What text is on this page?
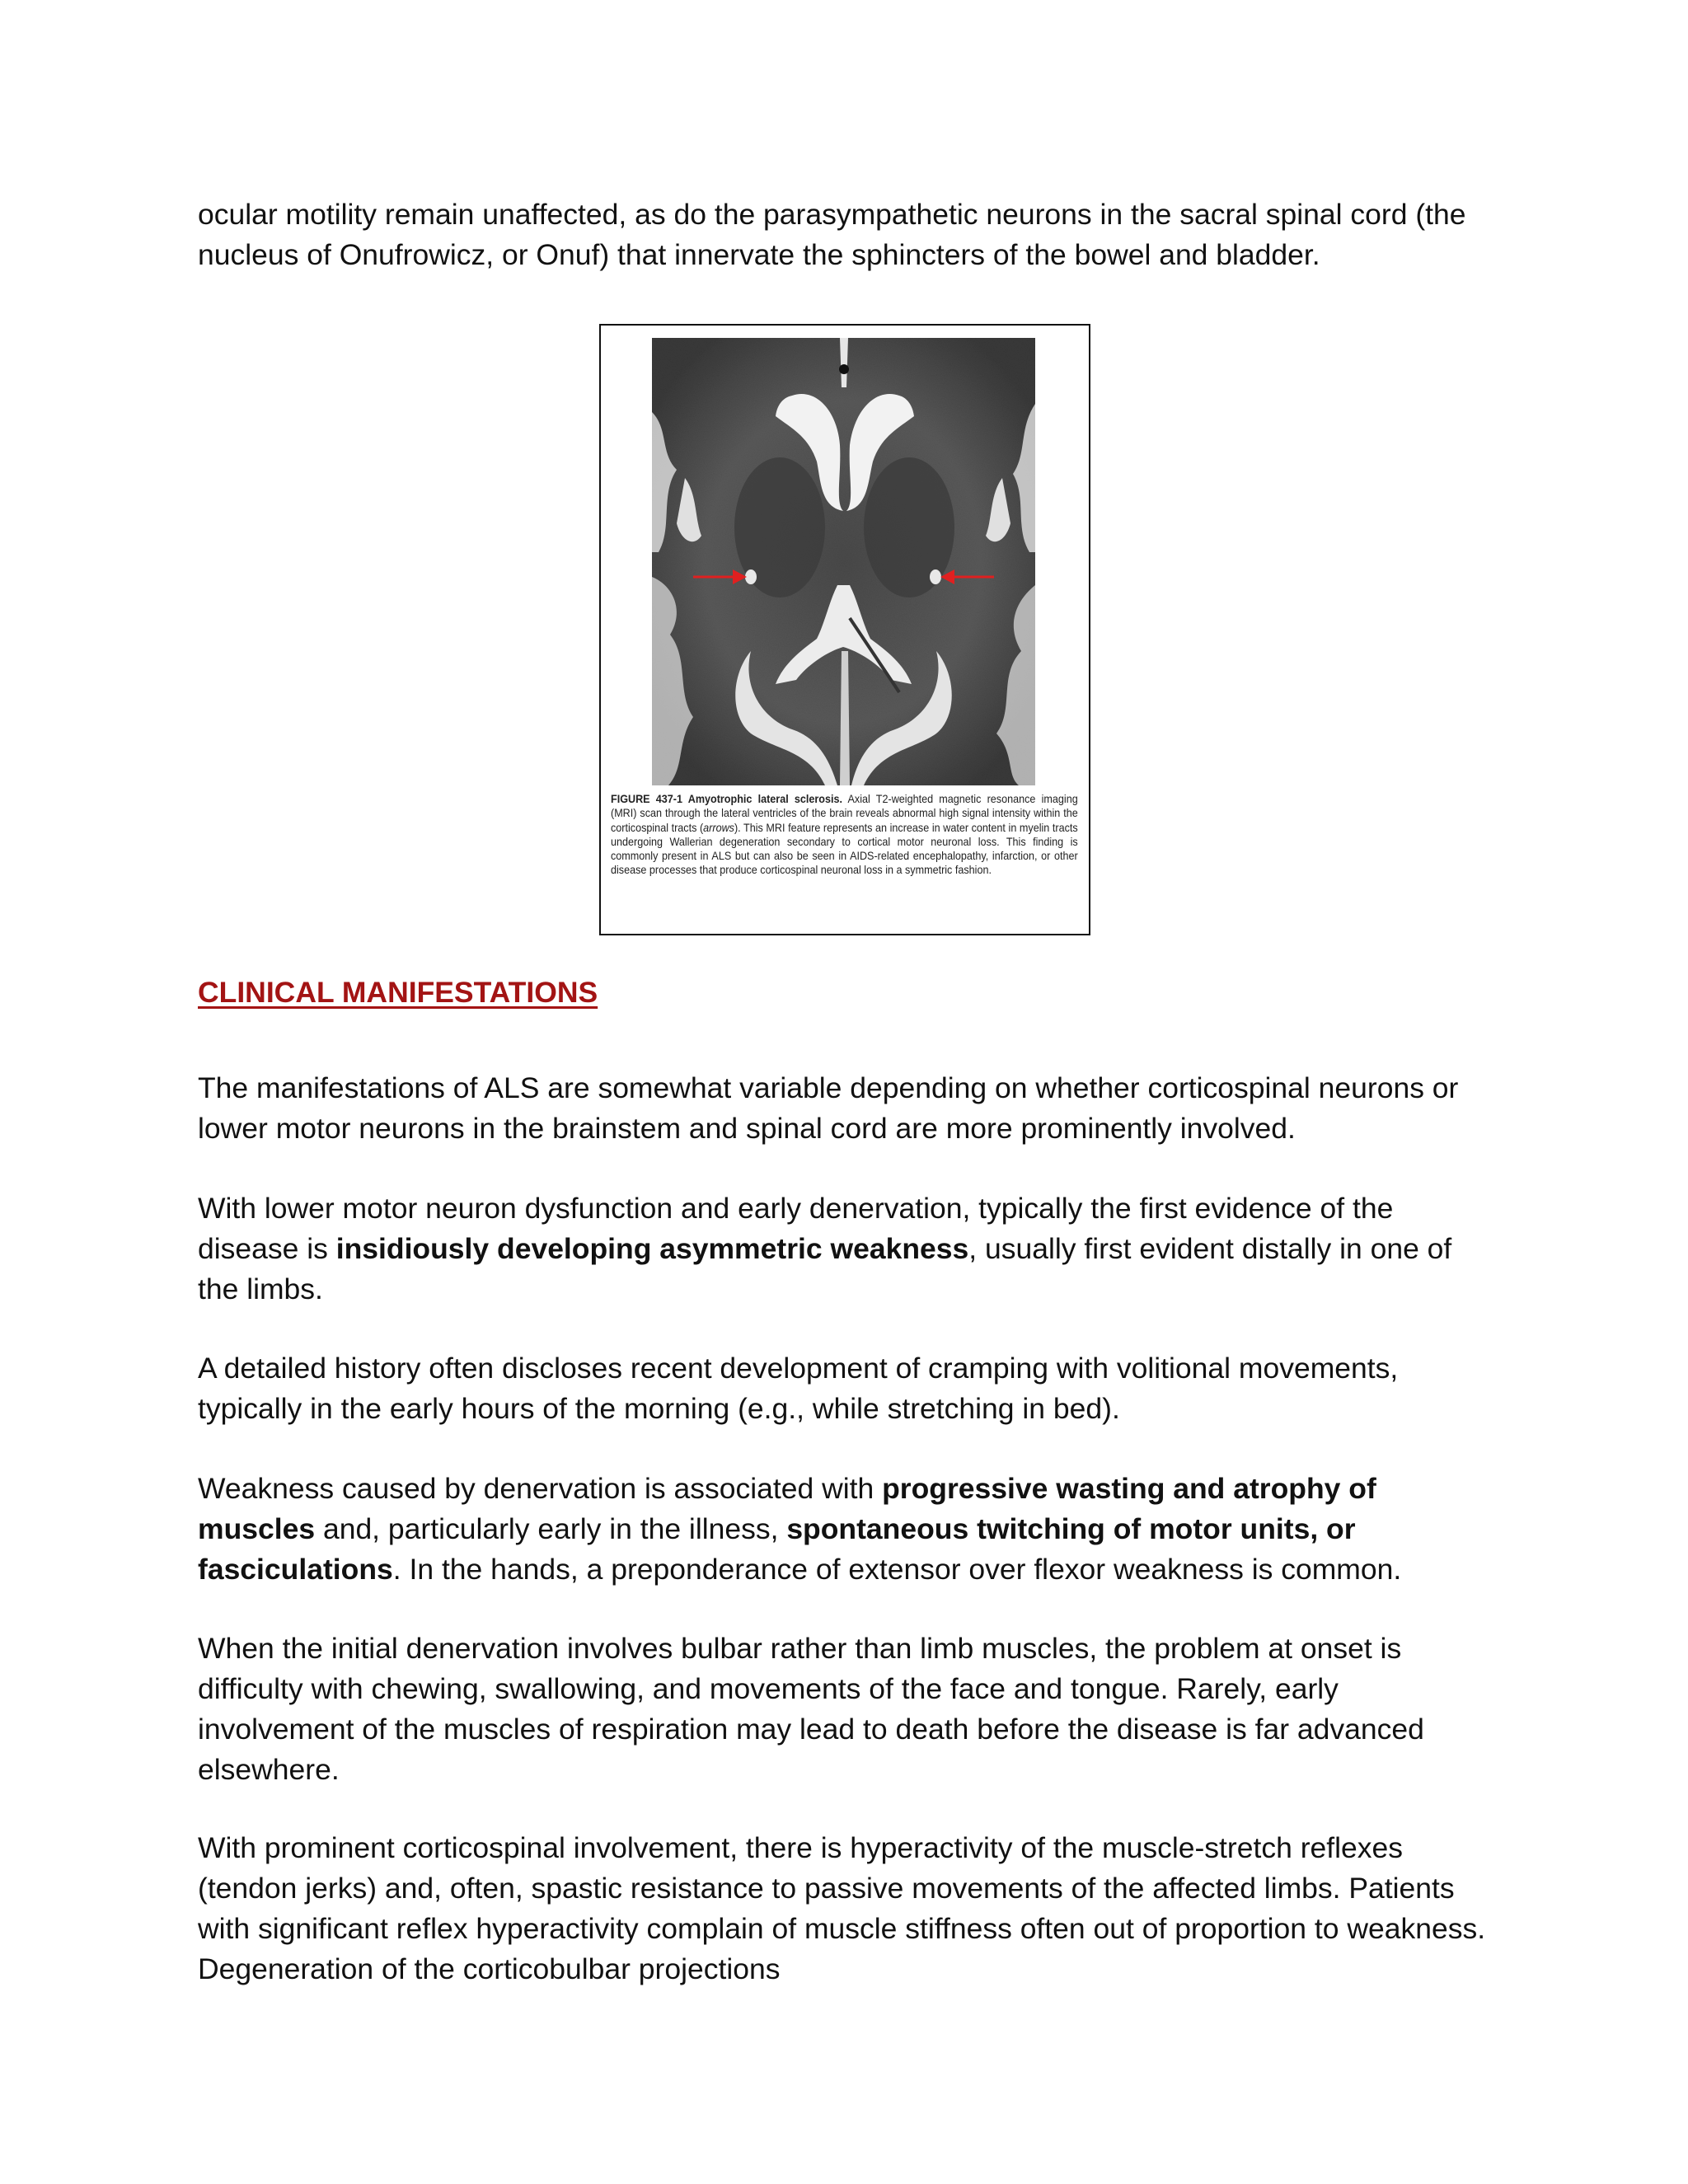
ocular motility remain unaffected, as do the parasympathetic neurons in the sacral spinal cord (the nucleus of Onufrowicz, or Onuf) that innervate the sphincters of the bowel and bladder.

FIGURE 437-1 Amyotrophic lateral sclerosis. Axial T2-weighted magnetic resonance imaging (MRI) scan through the lateral ventricles of the brain reveals abnormal high signal intensity within the corticospinal tracts (arrows). This MRI feature represents an increase in water content in myelin tracts undergoing Wallerian degeneration secondary to cortical motor neuronal loss. This finding is commonly present in ALS but can also be seen in AIDS-related encephalopathy, infarction, or other disease processes that produce corticospinal neuronal loss in a symmetric fashion.

CLINICAL MANIFESTATIONS

The manifestations of ALS are somewhat variable depending on whether corticospinal neurons or lower motor neurons in the brainstem and spinal cord are more prominently involved.

With lower motor neuron dysfunction and early denervation, typically the first evidence of the disease is insidiously developing asymmetric weakness, usually first evident distally in one of the limbs.

A detailed history often discloses recent development of cramping with volitional movements, typically in the early hours of the morning (e.g., while stretching in bed).

Weakness caused by denervation is associated with progressive wasting and atrophy of muscles and, particularly early in the illness, spontaneous twitching of motor units, or fasciculations. In the hands, a preponderance of extensor over flexor weakness is common.

When the initial denervation involves bulbar rather than limb muscles, the problem at onset is difficulty with chewing, swallowing, and movements of the face and tongue. Rarely, early involvement of the muscles of respiration may lead to death before the disease is far advanced elsewhere.

With prominent corticospinal involvement, there is hyperactivity of the muscle-stretch reflexes (tendon jerks) and, often, spastic resistance to passive movements of the affected limbs. Patients with significant reflex hyperactivity complain of muscle stiffness often out of proportion to weakness. Degeneration of the corticobulbar projections
